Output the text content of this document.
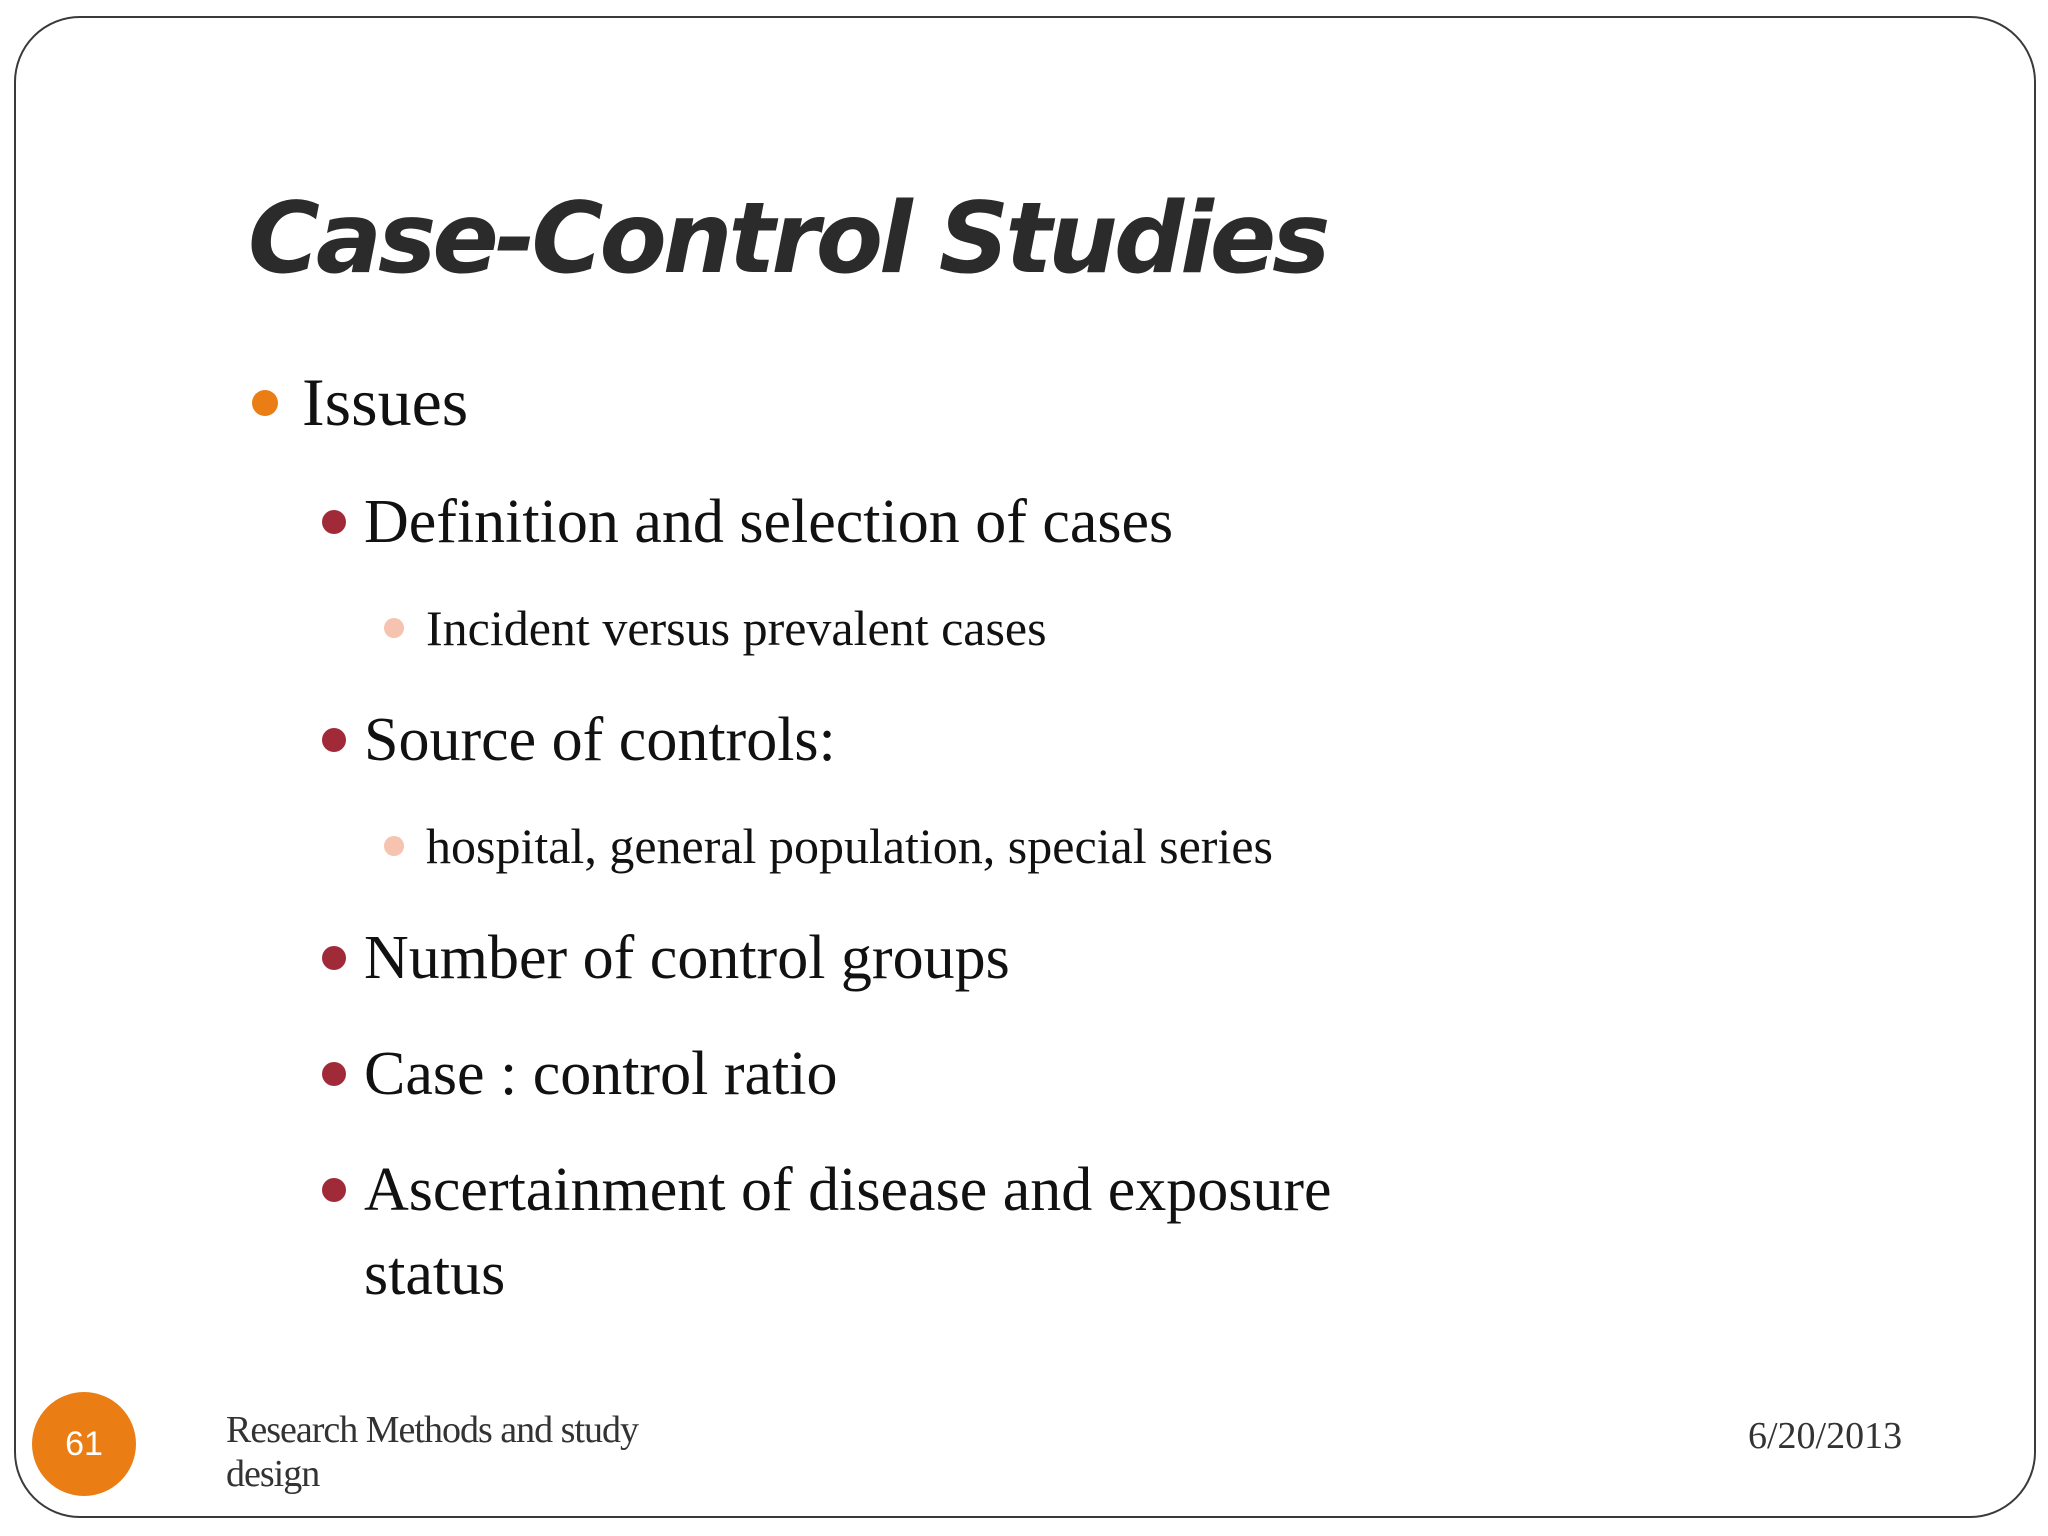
Case-Control Studies
Issues
Definition and selection of cases
Incident versus prevalent cases
Source of controls:
hospital, general population, special series
Number of control groups
Case : control ratio
Ascertainment of disease and exposure
status
61	Research Methods and study design
6/20/2013
